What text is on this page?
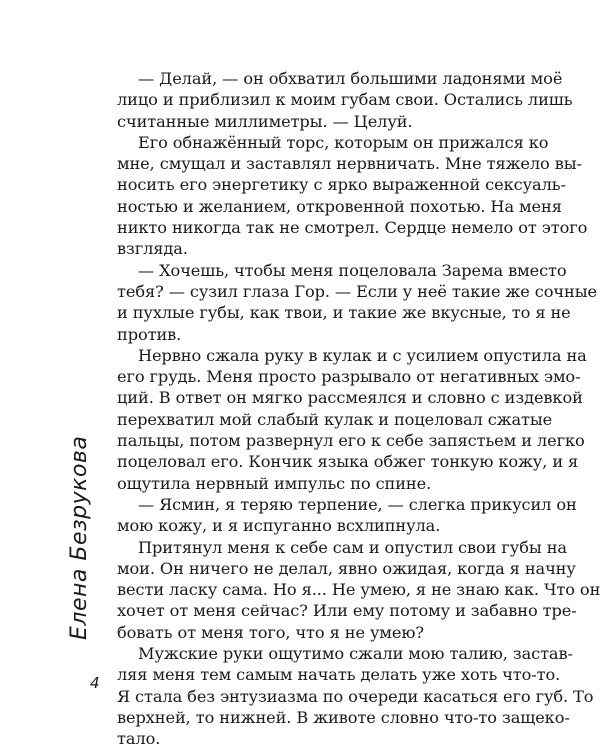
— Делай, — он обхватил большими ладонями моё
лицо и приблизил к моим губам свои. Остались лишь
считанные миллиметры. — Целуй.
Его обнажённый торс, которым он прижался ко
мне, смущал и заставлял нервничать. Мне тяжело вы-
носить его энергетику с ярко выраженной сексуаль-
ностью и желанием, откровенной похотью. На меня
никто никогда так не смотрел. Сердце немело от этого
взгляда.
— Хочешь, чтобы меня поцеловала Зарема вместо
тебя? — сузил глаза Гор. — Если у неё такие же сочные
и пухлые губы, как твои, и такие же вкусные, то я не
против.
Нервно сжала руку в кулак и с усилием опустила на
его грудь. Меня просто разрывало от негативных эмо-
ций. В ответ он мягко рассмеялся и словно с издевкой
перехватил мой слабый кулак и поцеловал сжатые
пальцы, потом развернул его к себе запястьем и легко
поцеловал его. Кончик языка обжег тонкую кожу, и я
ощутила нервный импульс по спине.
— Ясмин, я теряю терпение, — слегка прикусил он
мою кожу, и я испуганно всхлипнула.
Притянул меня к себе сам и опустил свои губы на
мои. Он ничего не делал, явно ожидая, когда я начну
вести ласку сама. Но я... Не умею, я не знаю как. Что он
хочет от меня сейчас? Или ему потому и забавно тре-
бовать от меня того, что я не умею?
Мужские руки ощутимо сжали мою талию, застав-
ляя меня тем самым начать делать уже хоть что-то.
Я стала без энтузиазма по очереди касаться его губ. То
верхней, то нижней. В животе словно что-то защеко-
тало.
Елена Безрукова
4
